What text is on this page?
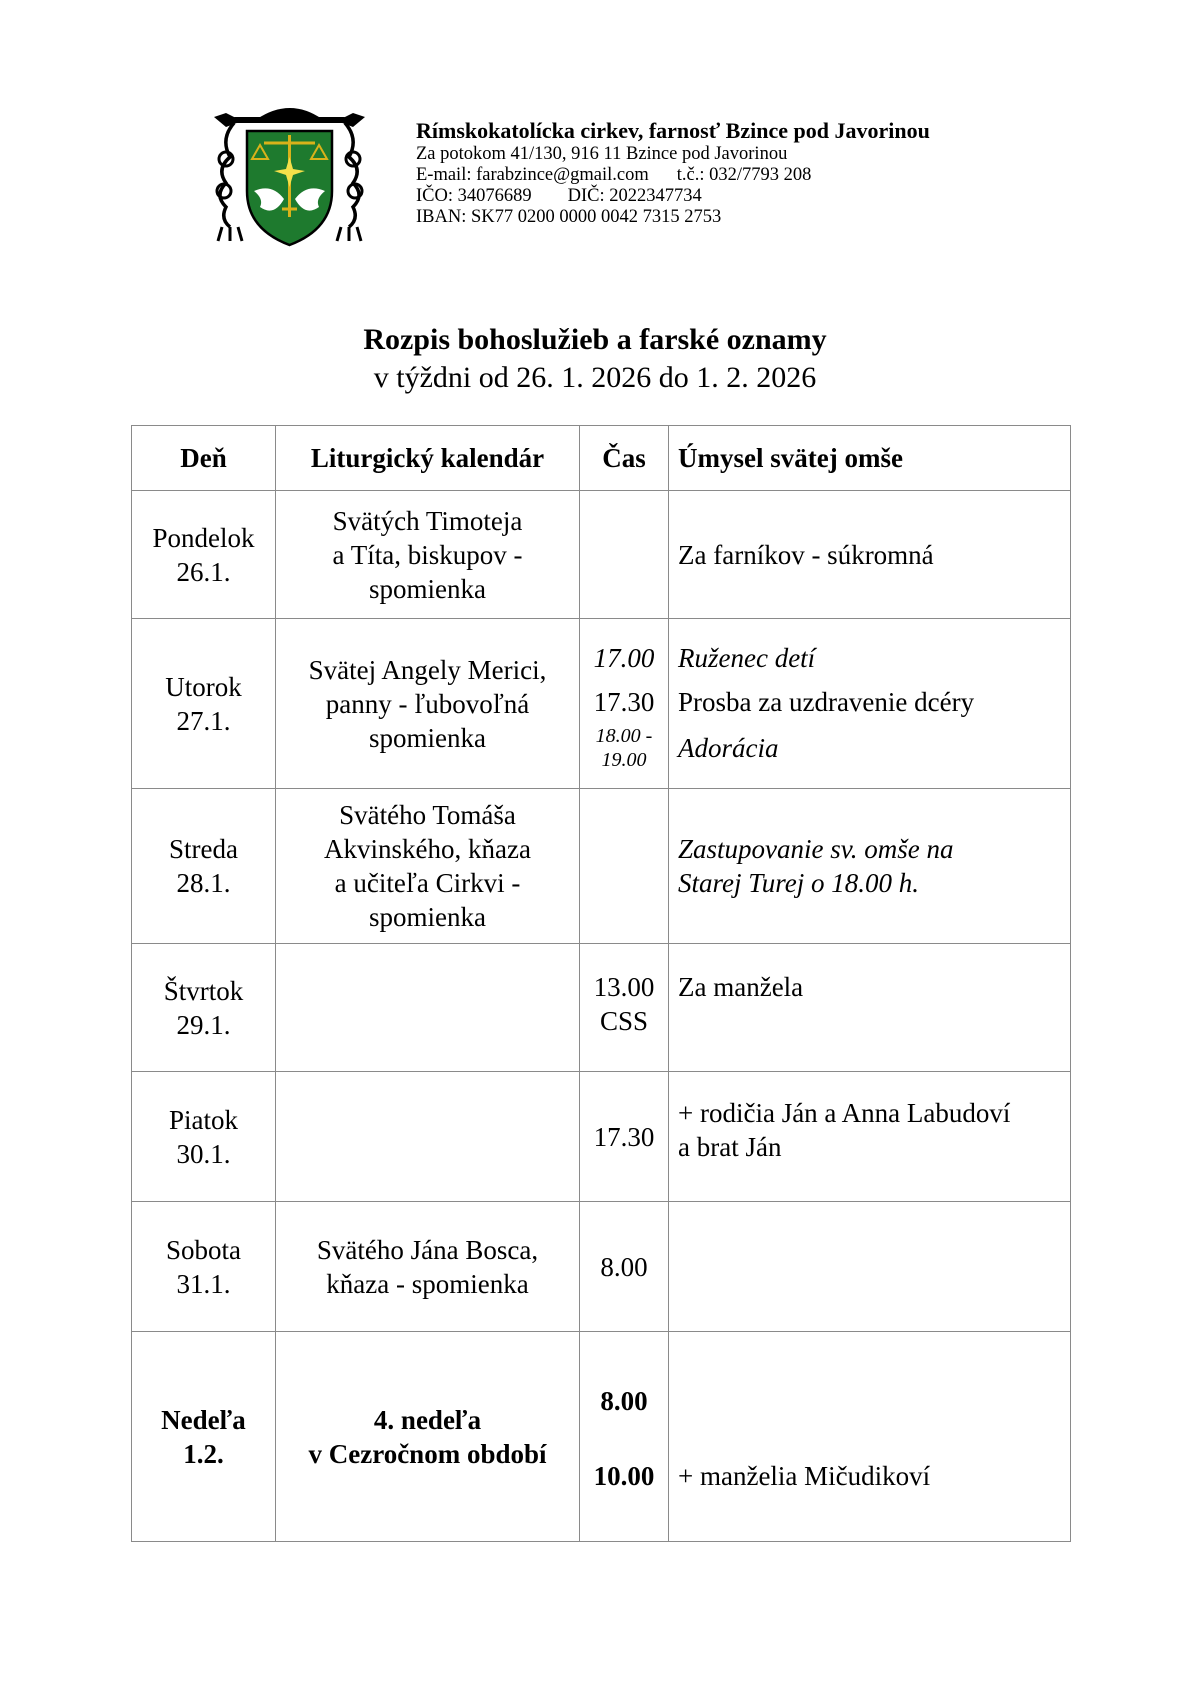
Rímskokatolícka cirkev, farnosť Bzince pod Javorinou
Za potokom 41/130, 916 11 Bzince pod Javorinou
E-mail: farabzince@gmail.com t.č.: 032/7793 208
IČO: 34076689 DIČ: 2022347734
IBAN: SK77 0200 0000 0042 7315 2753
Rozpis bohoslužieb a farské oznamy
v týždni od 26. 1. 2026 do 1. 2. 2026
Deň	Liturgický kalendár	Čas	Úmysel svätej omše

Pondelok
26.1.	Svätých Timoteja
a Títa, biskupov -
spomienka		Za farníkov - súkromná

Utorok
27.1.	Svätej Angely Merici,
panny - ľubovoľná
spomienka	17.00
17.30
18.00 -
19.00	Ruženec detí
Prosba za uzdravenie dcéry
Adorácia

Streda
28.1.	Svätého Tomáša
Akvinského, kňaza
a učiteľa Cirkvi -
spomienka		Zastupovanie sv. omše na
Starej Turej o 18.00 h.

Štvrtok
29.1.		13.00
CSS	Za manžela

Piatok
30.1.		17.30	+ rodičia Ján a Anna Labudoví
a brat Ján

Sobota
31.1.	Svätého Jána Bosca,
kňaza - spomienka	8.00	

Nedeľa
1.2.	4. nedeľa
v Cezročnom období	8.00
10.00	+ manželia Mičudikoví
